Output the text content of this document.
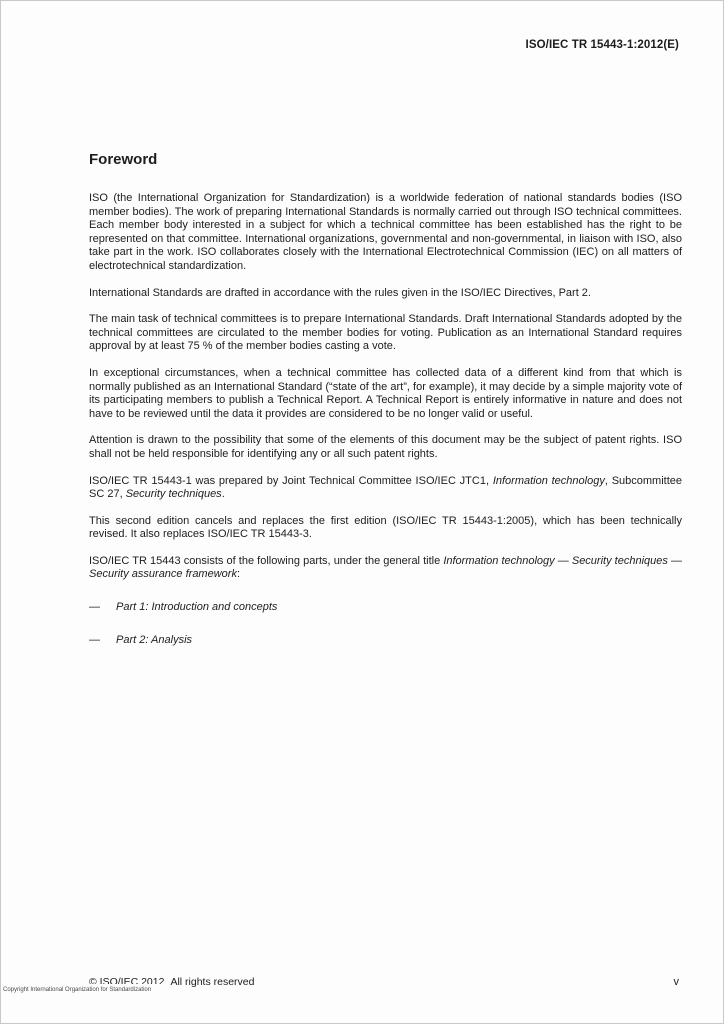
ISO/IEC TR 15443-1:2012(E)
Foreword

ISO (the International Organization for Standardization) is a worldwide federation of national standards bodies (ISO member bodies). The work of preparing International Standards is normally carried out through ISO technical committees. Each member body interested in a subject for which a technical committee has been established has the right to be represented on that committee. International organizations, governmental and non-governmental, in liaison with ISO, also take part in the work. ISO collaborates closely with the International Electrotechnical Commission (IEC) on all matters of electrotechnical standardization.

International Standards are drafted in accordance with the rules given in the ISO/IEC Directives, Part 2.

The main task of technical committees is to prepare International Standards. Draft International Standards adopted by the technical committees are circulated to the member bodies for voting. Publication as an International Standard requires approval by at least 75 % of the member bodies casting a vote.

In exceptional circumstances, when a technical committee has collected data of a different kind from that which is normally published as an International Standard (“state of the art”, for example), it may decide by a simple majority vote of its participating members to publish a Technical Report. A Technical Report is entirely informative in nature and does not have to be reviewed until the data it provides are considered to be no longer valid or useful.

Attention is drawn to the possibility that some of the elements of this document may be the subject of patent rights. ISO shall not be held responsible for identifying any or all such patent rights.

ISO/IEC TR 15443-1 was prepared by Joint Technical Committee ISO/IEC JTC1, Information technology, Subcommittee SC 27, Security techniques.

This second edition cancels and replaces the first edition (ISO/IEC TR 15443-1:2005), which has been technically revised. It also replaces ISO/IEC TR 15443-3.

ISO/IEC TR 15443 consists of the following parts, under the general title Information technology — Security techniques — Security assurance framework:

—	Part 1: Introduction and concepts
—	Part 2: Analysis
© ISO/IEC 2012 All rights reserved	v
Copyright International Organization for Standardization
